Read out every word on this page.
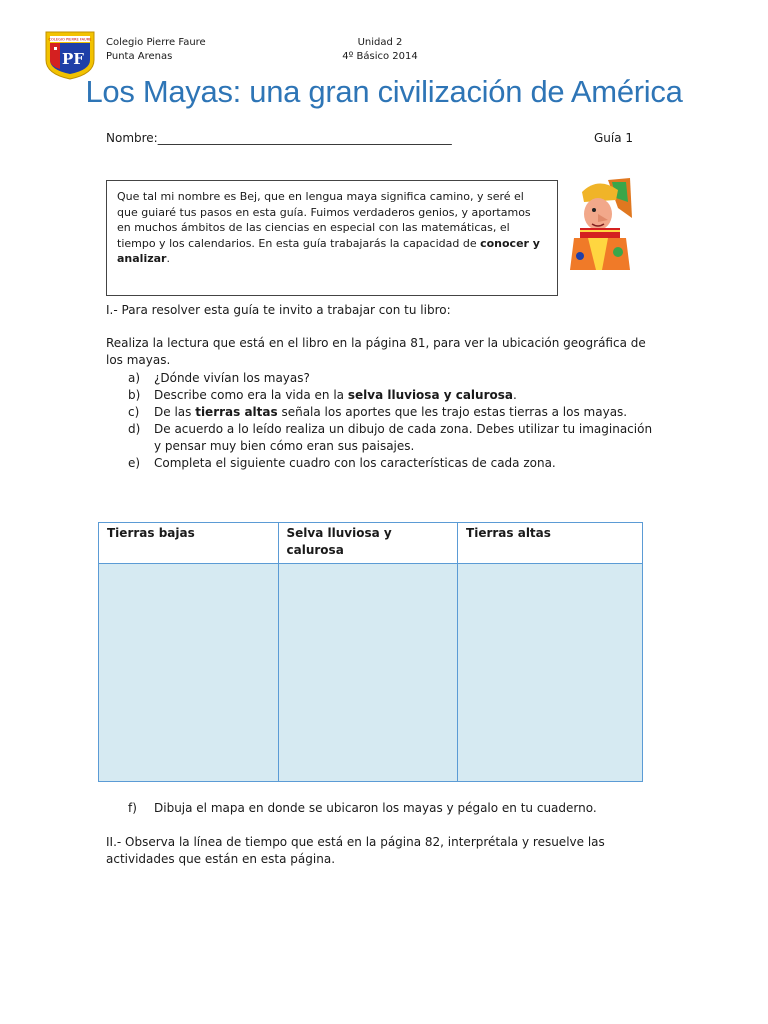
COLEGIO PIERRE FAURE
PF
Colegio Pierre Faure
Punta Arenas
Unidad 2
4º Básico 2014
Los Mayas: una gran civilización de América
Nombre:_________________________________________________	Guía 1
Que tal mi nombre es Bej, que en lengua maya significa camino, y seré el que guiaré tus pasos en esta guía. Fuimos verdaderos genios, y aportamos en muchos ámbitos de las ciencias en especial con las matemáticas, el tiempo y los calendarios. En esta guía trabajarás la capacidad de conocer y analizar.
I.- Para resolver esta guía te invito a trabajar con tu libro:
Realiza la lectura que está en el libro en la página 81, para ver la ubicación geográfica de los mayas.
a)	¿Dónde vivían los mayas?
b)	Describe como era la vida en la selva lluviosa y calurosa.
c)	De las tierras altas señala los aportes que les trajo estas tierras a los mayas.
d)	De acuerdo a lo leído realiza un dibujo de cada zona. Debes utilizar tu imaginación y pensar muy bien cómo eran sus paisajes.
e)	Completa el siguiente cuadro con los características de cada zona.
Tierras bajas	Selva lluviosa y calurosa	Tierras altas

f)	Dibuja el mapa en donde se ubicaron los mayas y pégalo en tu cuaderno.
II.- Observa la línea de tiempo que está en la página 82, interprétala y resuelve las actividades que están en esta página.
